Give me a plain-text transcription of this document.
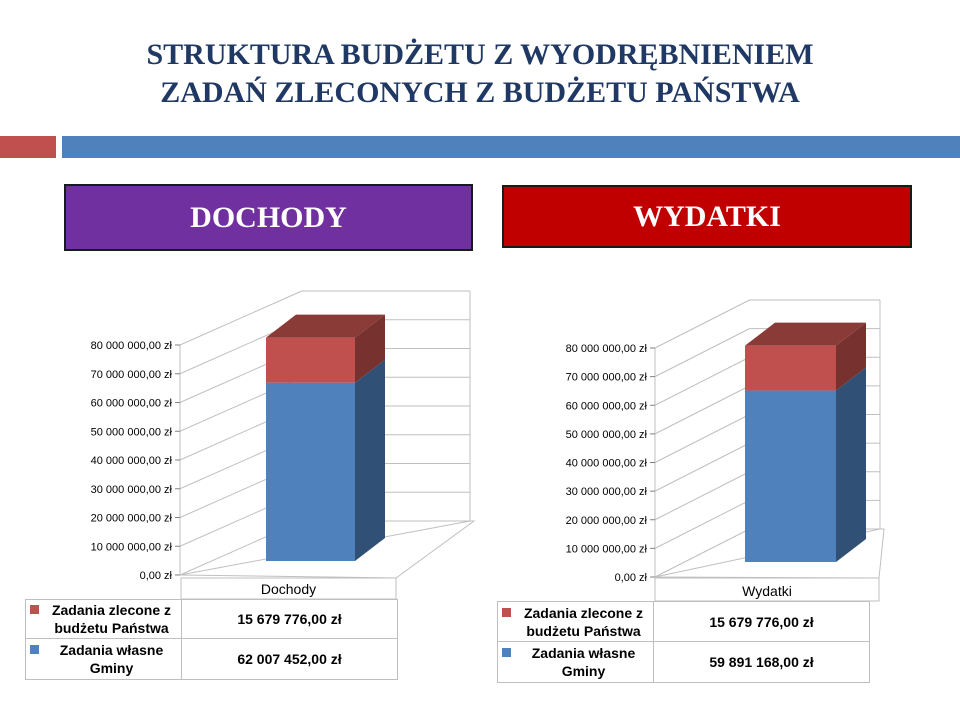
STRUKTURA BUDŻETU Z WYODRĘBNIENIEM
ZADAŃ ZLECONYCH Z BUDŻETU PAŃSTWA
DOCHODY	WYDATKI
0,00 zł
10 000 000,00 zł
20 000 000,00 zł
30 000 000,00 zł
40 000 000,00 zł
50 000 000,00 zł
60 000 000,00 zł
70 000 000,00 zł
80 000 000,00 zł
Dochody
0,00 zł
10 000 000,00 zł
20 000 000,00 zł
30 000 000,00 zł
40 000 000,00 zł
50 000 000,00 zł
60 000 000,00 zł
70 000 000,00 zł
80 000 000,00 zł
Wydatki
Zadania zlecone z
budżetu Państwa	15 679 776,00 zł

Zadania własne
Gminy	62 007 452,00 zł
Zadania zlecone z
budżetu Państwa	15 679 776,00 zł

Zadania własne
Gminy	59 891 168,00 zł
